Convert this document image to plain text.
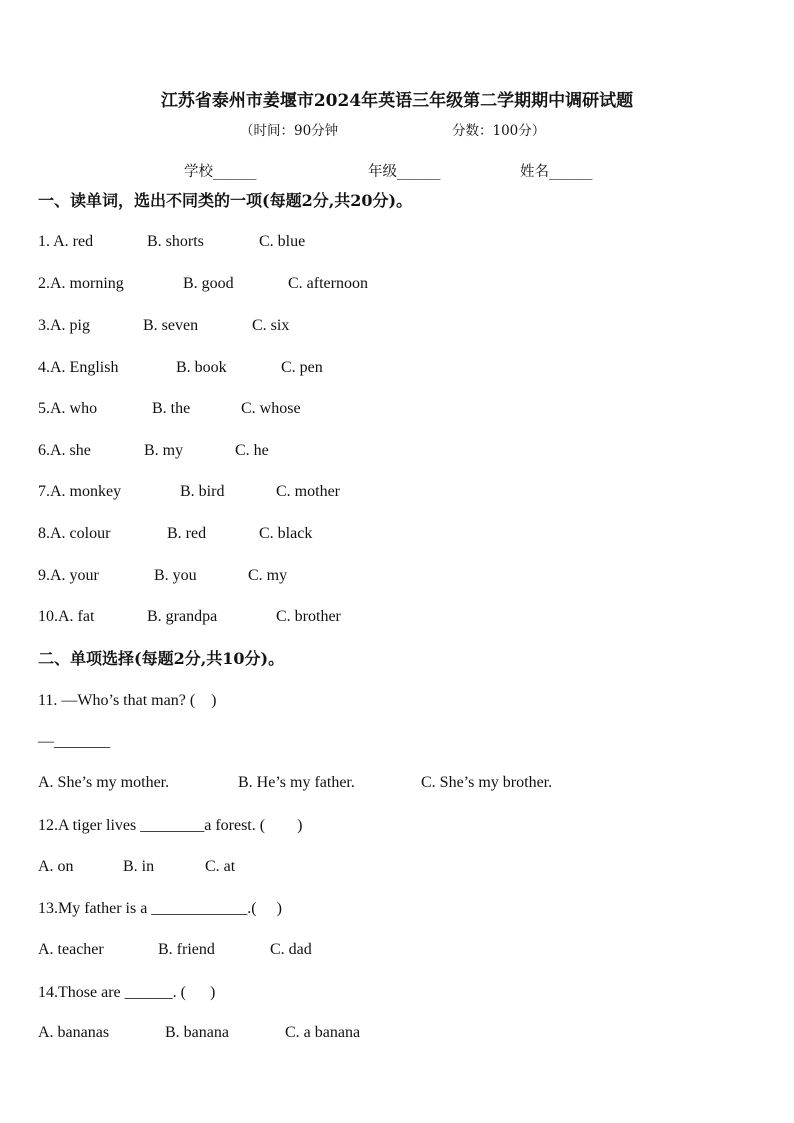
江苏省泰州市姜堰市2024年英语三年级第二学期期中调研试题
（时间：90分钟	分数：100分）
学校______	年级______	姓名______
一、读单词，选出不同类的一项(每题2分,共20分)。
1. A. red	B. shorts	C. blue
2.A. morning	B. good	C. afternoon
3.A. pig	B. seven	C. six
4.A. English	B. book	C. pen
5.A. who	B. the	C. whose
6.A. she	B. my	C. he
7.A. monkey	B. bird	C. mother
8.A. colour	B. red	C. black
9.A. your	B. you	C. my
10.A. fat	B. grandpa	C. brother
二、单项选择(每题2分,共10分)。
11. —Who’s that man? (    )
—_______
A. She’s my mother.	B. He’s my father.	C. She’s my brother.
12.A tiger lives ________a forest. (        )
A. on	B. in	C. at
13.My father is a ____________.(     )
A. teacher	B. friend	C. dad
14.Those are ______. (      )
A. bananas	B. banana	C. a banana
